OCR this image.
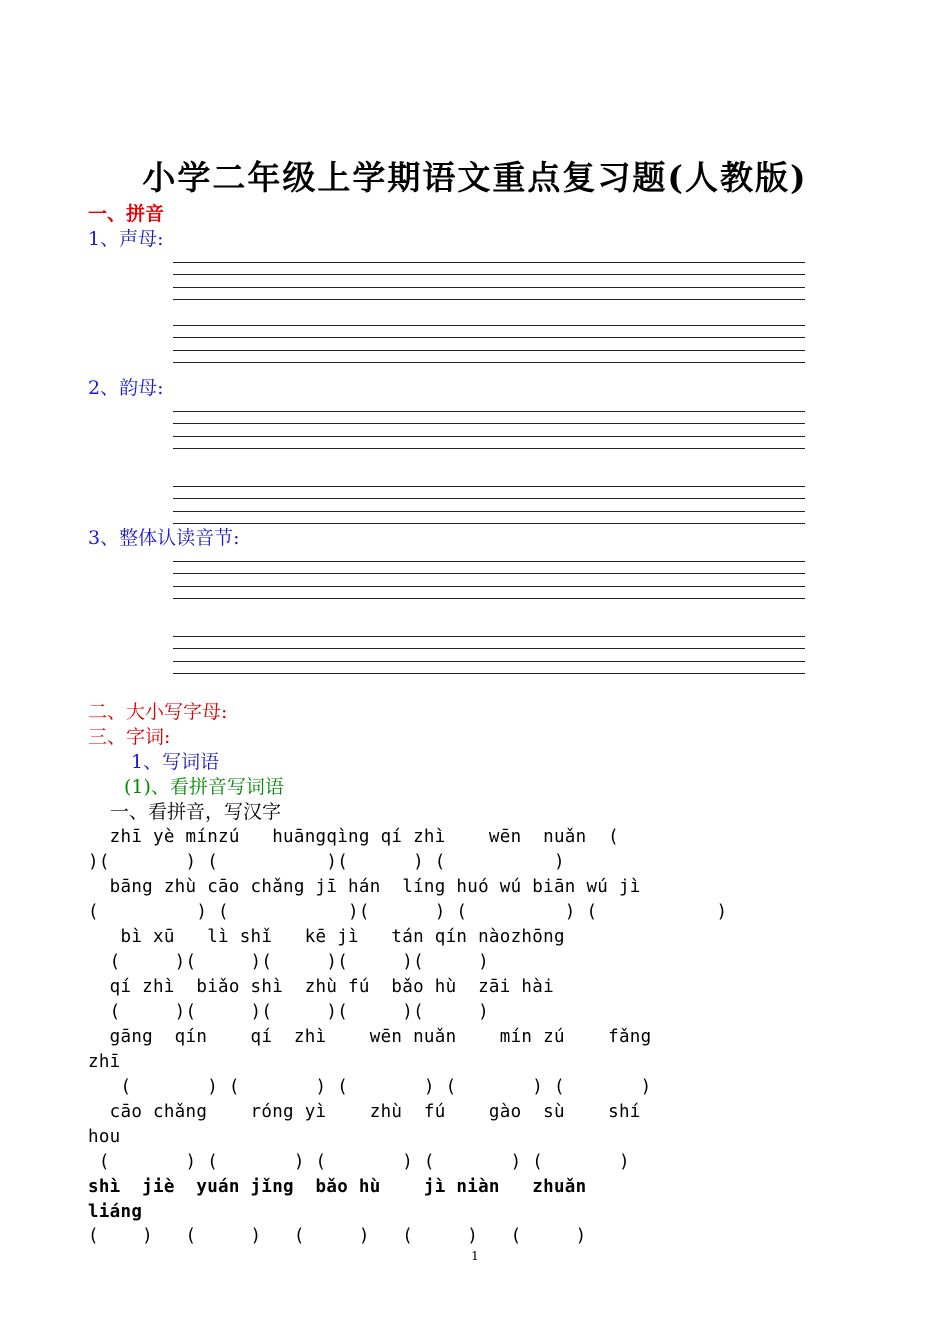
小学二年级上学期语文重点复习题(人教版)
一、拼音
1、声母:
2、韵母:
3、整体认读音节:
二、大小写字母:
三、字词:
1、写词语
(1)、看拼音写词语
一、看拼音，写汉字
zhī yè mínzú   huāngqìng qí zhì    wēn  nuǎn  (
)(       ) (          )(      ) (          )
bāng zhù cāo chǎng jī hán  líng huó wú biān wú jì
(         ) (           )(      ) (         ) (           )
bì xū   lì shǐ   kē jì   tán qín nàozhōng
(     )(     )(     )(     )(     )
qí zhì  biǎo shì  zhù fú  bǎo hù  zāi hài
(     )(     )(     )(     )(     )
gāng  qín    qí  zhì    wēn nuǎn    mín zú    fǎng
zhī
(       ) (       ) (       ) (       ) (       )
cāo chǎng    róng yì    zhù  fú    gào  sù    shí
hou
(       ) (       ) (       ) (       ) (       )
shì  jiè  yuán jǐng  bǎo hù    jì niàn   zhuǎn
liáng
(    )   (     )   (     )   (     )   (     )
1
